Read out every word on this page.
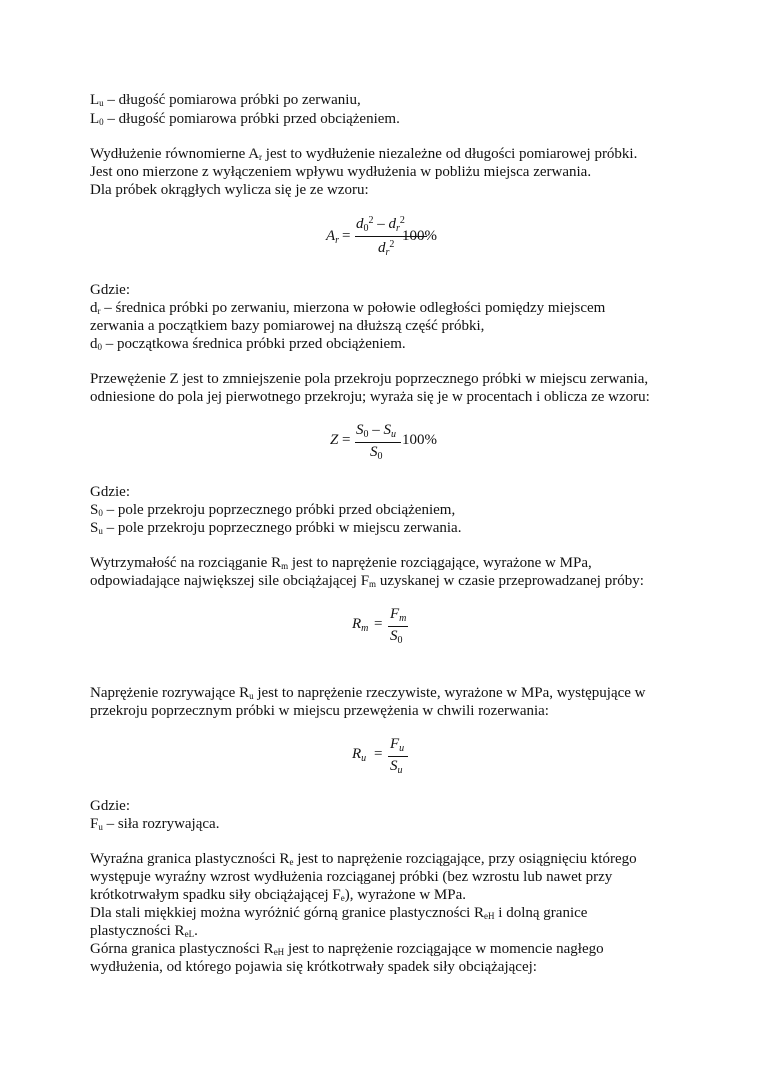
$L_u$ – długość pomiarowa próbki po zerwaniu,
$L_0$ – długość pomiarowa próbki przed obciążeniem.
Wydłużenie równomierne $A_r$ jest to wydłużenie niezależne od długości pomiarowej próbki.
Jest ono mierzone z wyłączeniem wpływu wydłużenia w pobliżu miejsca zerwania.
Dla próbek okrągłych wylicza się je ze wzoru:
$A_r$ =
$d_0^2 - d_r^2$
$d_r^2$
100%
Gdzie:
$d_r$ – średnica próbki po zerwaniu, mierzona w połowie odległości pomiędzy miejscem
zerwania a początkiem bazy pomiarowej na dłuższą część próbki,
$d_0$ – początkowa średnica próbki przed obciążeniem.
Przewężenie Z jest to zmniejszenie pola przekroju poprzecznego próbki w miejscu zerwania,
odniesione do pola jej pierwotnego przekroju; wyraża się je w procentach i oblicza ze wzoru:
Z =
$S_0 - S_u$
$S_0$
100%
Gdzie:
$S_0$ – pole przekroju poprzecznego próbki przed obciążeniem,
$S_u$ – pole przekroju poprzecznego próbki w miejscu zerwania.
Wytrzymałość na rozciąganie $R_m$ jest to naprężenie rozciągające, wyrażone w MPa,
odpowiadające największej sile obciążającej $F_m$ uzyskanej w czasie przeprowadzanej próby:
$R_m$ =
$F_m$
$S_0$
Naprężenie rozrywające $R_u$ jest to naprężenie rzeczywiste, wyrażone w MPa, występujące w
przekroju poprzecznym próbki w miejscu przewężenia w chwili rozerwania:
$R_u$ =
$F_u$
$S_u$
Gdzie:
$F_u$ – siła rozrywająca.
Wyraźna granica plastyczności $R_e$ jest to naprężenie rozciągające, przy osiągnięciu którego
występuje wyraźny wzrost wydłużenia rozciąganej próbki (bez wzrostu lub nawet przy
krótkotrwałym spadku siły obciążającej $F_e$), wyrażone w MPa.
Dla stali miękkiej można wyróżnić górną granice plastyczności $R_{eH}$ i dolną granice
plastyczności $R_{eL}$.
Górna granica plastyczności $R_{eH}$ jest to naprężenie rozciągające w momencie nagłego
wydłużenia, od którego pojawia się krótkotrwały spadek siły obciążającej:
